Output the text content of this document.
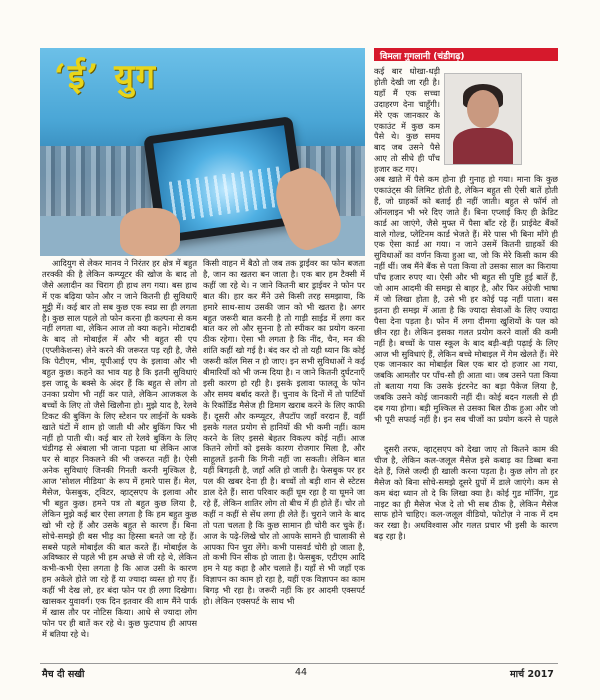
‘ई’ युग	विमला गुगलानी (चंडीगढ़)

कई बार धोखा-धड़ी होती देखी जा रही है। यहाँ मैं एक सच्चा उदाहरण देना चाहूँगी। मेरे एक जानकार के एकाउंट में कुछ कम पैसे थे। कुछ समय बाद जब उसने पैसे आए तो सीधे ही पाँच हजार कट गए।

आदियुग से लेकर मानव ने निरंतर हर क्षेत्र में बहुत तरक्की की है लेकिन कम्प्यूटर की खोज के बाद तो जैसे अलादीन का चिराग ही हाथ लग गया। बस हाथ में एक बढ़िया फोन और न जाने कितनी ही सुविधाएँ मुट्ठी में। कई बार तो सब कुछ एक स्वप्न सा ही लगता है। कुछ साल पहले तो फोन करना ही कल्पना से कम नहीं लगता था, लेकिन आज तो क्या कहने। मोटाबदी के बाद तो मोबाईल में और भी बहुत सी एप (एप्लीकेशन्स) लेने करने की जरूरत पड़ रही है, जैसे कि पेटीएम, भीम, यूपीआई एप के इलावा और भी बहुत कुछ। कहने का भाव यह है कि इतनी सुविधाएं इस जादू के बक्से के अंदर हैं कि बहुत से लोग तो उनका प्रयोग भी नहीं कर पाते, लेकिन आजकल के बच्चों के लिए तो जैसे खिलौना हो। मुझे याद है, रेलवे टिकट की बुकिंग के लिए स्टेशन पर लाईनों के धक्के खाते घंटों में शाम हो जाती थी और बुकिंग फिर भी नहीं हो पाती थी। कई बार तो रेलवे बुकिंग के लिए चंडीगढ़ से अंबाला भी जाना पड़ता था लेकिन आज घर से बाहर निकलने की भी जरूरत नहीं है। ऐसी अनेक सुविधाएं जिनकी गिनती करनी मुश्किल है, आज 'सोशल मीडिया' के रूप में हमारे पास हैं। मेल, मैसेज, फेसबुक, ट्विटर, व्हाट्सएप के इलावा और भी बहुत कुछ। हमने पत्र तो बहुत कुछ लिया है, लेकिन मुझे कई बार ऐसा लगता है कि हम बहुत कुछ खो भी रहे हैं और उसके बहुत से कारण हैं। बिना सोचे-समझे ही बस भीड़ का हिस्सा बनते जा रहे हैं। सबसे पहले मोबाईल की बात करते हैं। मोबाईल के अविष्कार से पहले भी हम अच्छे से जी रहे थे, लेकिन कभी-कभी ऐसा लगता है कि आज उसी के कारण हम अकेले होते जा रहे हैं या ज्यादा व्यस्त हो गए हैं। कहीं भी देख लो, हर बंदा फोन पर ही लगा दिखेगा। खासकर युवावर्ग। एक दिन इतवार की शाम मैंने पार्क में खास तौर पर नोटिस किया। आधे से ज्यादा लोग फोन पर ही बातें कर रहे थे। कुछ फुटपाथ ही आपस में बतिया रहे थे।

किसी वाहन में बैठो तो जब तक ड्राईवर का फोन बजता है, जान का खतरा बन जाता है। एक बार हम टैक्सी में कहीं जा रहे थे। न जाने कितनी बार ड्राईवर ने फोन पर बात की। हार कर मैंने उसे किसी तरह समझाया, कि हमारे साथ-साथ उसकी जान को भी खतरा है। अगर बहुत जरूरी बात करनी है तो गाड़ी साईड में लगा कर बात कर लो और सुनना है तो स्पीकर का प्रयोग करना ठीक रहेगा। ऐसा भी लगता है कि नींद, चैन, मन की शांति कहीं खो गई है। बंद कर दो तो यही ध्यान कि कोई जरूरी कॉल मिस न हो जाए। इन सभी सुविधाओं ने कई बीमारियाँ को भी जन्म दिया है। न जाने कितनी दुर्घटनाएँ इसी कारण हो रही है। इसके इलावा फालतू के फोन और समय बर्बाद करते हैं। चुनाव के दिनों में तो पार्टियों के रिकॉर्डिड मैसेज ही डिमाग खराब करने के लिए काफी हैं। दूसरी और कम्प्यूटर, लैपटॉप जहाँ वरदान हैं, वहीं इसके गलत प्रयोग से हानियों की भी कमी नहीं। काम करने के लिए इससे बेहतर विकल्प कोई नहीं। आज कितने लोगों को इसके कारण रोजगार मिला है, और साहूलतें इतनी कि गिनी नहीं जा सकती। लेकिन बात यहीं बिगड़ती है, जहाँ अति हो जाती है। फेसबुक पर हर पल की खबर देना ही है। बच्चों तो बड़ी शान से स्टेटस डाल देते हैं। सारा परिवार कहीं घूम रहा है या घूमने जा रहे हैं, लेकिन शातिर लोग तो बीच में ही होते हैं। चोर तो कहीं न कहीं से सेंध लगा ही लेते हैं। चुराने जाने के बाद तो पता चलता है कि कुछ सामान ही चोरी कर चुके हैं। आज के पढ़े-लिखे चोर तो आपके सामने ही चालाकी से आपका पिन चुरा लेंगे। कभी पासवर्ड चोरी हो जाता है, तो कभी पिन सीक हो जाता है। फेसबुक, एटीएम आदि हम ने यह कहा है और चलाते हैं। यहाँ से भी जहाँ एक विज्ञापन का काम हो रहा है, यहीं एक विज्ञापन का काम बिगड़ भी रहा है। जरूरी नहीं कि हर आदमी एक्सपर्ट हो। लेकिन एक्सपर्ट के साथ भी

अब खाते में पैसे कम होना ही गुनाह हो गया। माना कि कुछ एकाउंट्स की लिमिट होती है, लेकिन बहुत सी ऐसी बातें होती हैं, जो ग्राहकों को बताई ही नहीं जाती। बहुत से फॉर्म तो ऑनलाइन भी भरे दिए जाते हैं। बिना एप्लाई किए ही क्रेडिट कार्ड आ जाएंगे, जैसे मुफ्त में पैसा बाँट रहे हैं। प्राईवेट बैंकों वाले गोल्ड, प्लेटिनम कार्ड भेजते हैं। मेरे पास भी बिना माँगे ही एक ऐसा कार्ड आ गया। न जाने उसमें कितनी ग्राहकों की सुविधाओं का वर्णन किया हुआ था, जो कि मेरे किसी काम की नहीं थीं। जब मैंने बैंक से पता किया तो उसका साल का किराया पाँच हजार रुपए था। ऐसी और भी बहुत सी पुष्टि हुई बातें हैं, जो आम आदमी की समझ से बाहर है, और फिर अंग्रेजी भाषा में जो लिखा होता है, उसे भी हर कोई पढ़ नहीं पाता। बस इतना ही समझ में आता है कि ज्यादा सेवाओं के लिए ज्यादा पैसा देना पड़ता है। फोन में लगा दीमगा खुशियों के पल को छीन रहा है। लेकिन इसका गलत प्रयोग करने वालों की कमी नहीं है। बच्चों के पास स्कूल के बाद बड़ी-बड़ी पढ़ाई के लिए आज भी सुविधाएं हैं, लेकिन बच्चे मोबाइल में गेम खेलते हैं। मेरे एक जानकार का मोबाईल बिल एक बार दो हजार आ गया, जबकि आमतौर पर पाँच-सौ ही आता था। जब उसने पता किया तो बताया गया कि उसके इंटरनेट का बड़ा पैकेज लिया है, जबकि उसने कोई जानकारी नहीं दी। कोई बदन गलती से ही दब गया होगा। बड़ी मुश्किल से उसका बिल ठीक हुआ और जो भी पूरी सफाई नहीं है। इन सब चीजों का प्रयोग करने से पहले

दूसरी तरफ, व्हाट्सएप को देखा जाए तो कितने काम की चीज है, लेकिन कल-जलूल मैसेज इसे कबाड़ का डिब्बा बना देते हैं, जिसे जल्दी ही खाली करना पड़ता है। कुछ लोग तो हर मैसेज को बिना सोचे-समझे दूसरे ग्रुपों में डाले जाएंगे। कम से कम बंदा ध्यान तो दे कि लिखा क्या है। कोई गुड मॉर्निंग, गुड नाइट का ही मैसेज भेज दे तो भी सब ठीक है, लेकिन मैसेज साफ होने चाहिए। कल-जलूल वीडियो, फोटोज़ ने नाक में दम कर रखा है। अधविश्वास और गलत प्रचार भी इसी के कारण बढ़ रहा है।

मैच दी सखी	44	मार्च 2017
